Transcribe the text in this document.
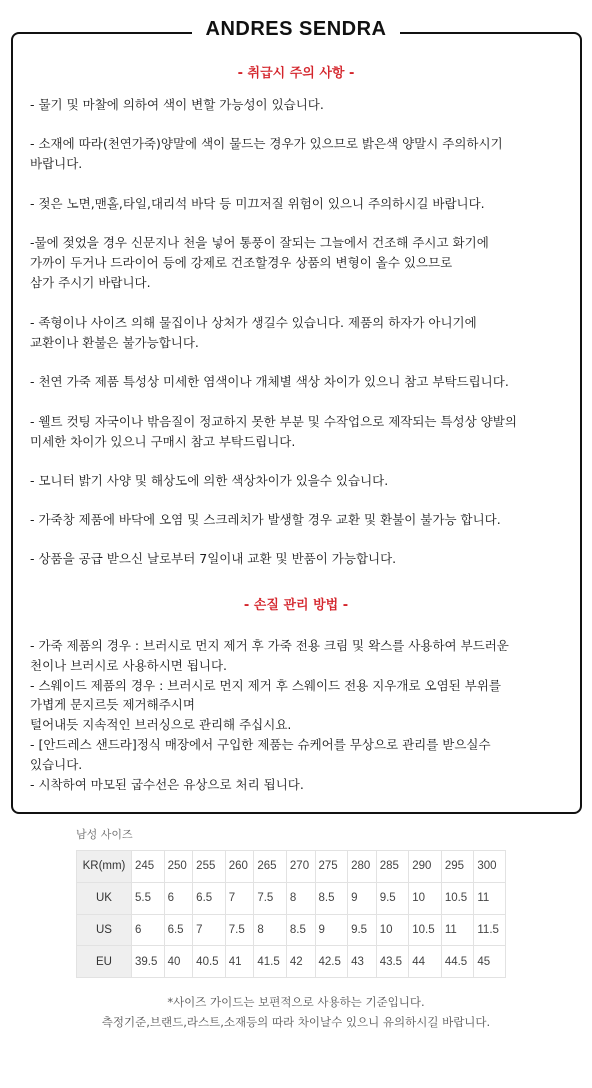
ANDRES SENDRA
- 취급시 주의 사항 -
- 물기 및 마찰에 의하여 색이 변할 가능성이 있습니다.
- 소재에 따라(천연가죽)양말에 색이 물드는 경우가 있으므로 밝은색 양말시 주의하시기
바랍니다.
- 젖은 노면,맨홀,타일,대리석 바닥 등 미끄저질 위험이 있으니 주의하시길 바랍니다.
-물에 젖었을 경우 신문지나 천을 넣어 통풍이 잘되는 그늘에서 건조해 주시고 화기에
가까이 두거나 드라이어 등에 강제로 건조할경우 상품의 변형이 올수 있으므로
삼가 주시기 바랍니다.
- 족형이나 사이즈 의해 물집이나 상처가 생길수 있습니다. 제품의 하자가 아니기에
교환이나 환불은 불가능합니다.
- 천연 가죽 제품 특성상 미세한 염색이나 개체별 색상 차이가 있으니 참고 부탁드립니다.
- 웰트 컷팅 자국이나 밖음질이 정교하지 못한 부분 및 수작업으로 제작되는 특성상 양발의
미세한 차이가 있으니 구매시 참고 부탁드립니다.
- 모니터 밝기 사양 및 해상도에 의한 색상차이가 있을수 있습니다.
- 가죽창 제품에 바닥에 오염 및 스크레치가 발생할 경우 교환 및 환불이 불가능 합니다.
- 상품을 공급 받으신 날로부터 7일이내 교환 및 반품이 가능합니다.
- 손질 관리 방법 -
- 가죽 제품의 경우 : 브러시로 먼지 제거 후 가죽 전용 크림 및 왁스를 사용하여 부드러운
천이나 브러시로 사용하시면 됩니다.
- 스웨이드 제품의 경우 : 브러시로 먼지 제거 후 스웨이드 전용 지우개로 오염된 부위를
가볍게 문지르듯 제거해주시며
털어내듯 지속적인 브러싱으로 관리해 주십시요.
- [안드레스 샌드라]정식 매장에서 구입한 제품는 슈케어를 무상으로 관리를 받으실수
있습니다.
- 시착하여 마모된 굽수선은 유상으로 처리 됩니다.
남성 사이즈
KR(mm)	245	250	255	260	265	270	275	280	285	290	295	300
UK	5.5	6	6.5	7	7.5	8	8.5	9	9.5	10	10.5	11
US	6	6.5	7	7.5	8	8.5	9	9.5	10	10.5	11	11.5
EU	39.5	40	40.5	41	41.5	42	42.5	43	43.5	44	44.5	45
*사이즈 가이드는 보편적으로 사용하는 기준입니다.
측정기준,브랜드,라스트,소재등의 따라 차이날수 있으니 유의하시길 바랍니다.
